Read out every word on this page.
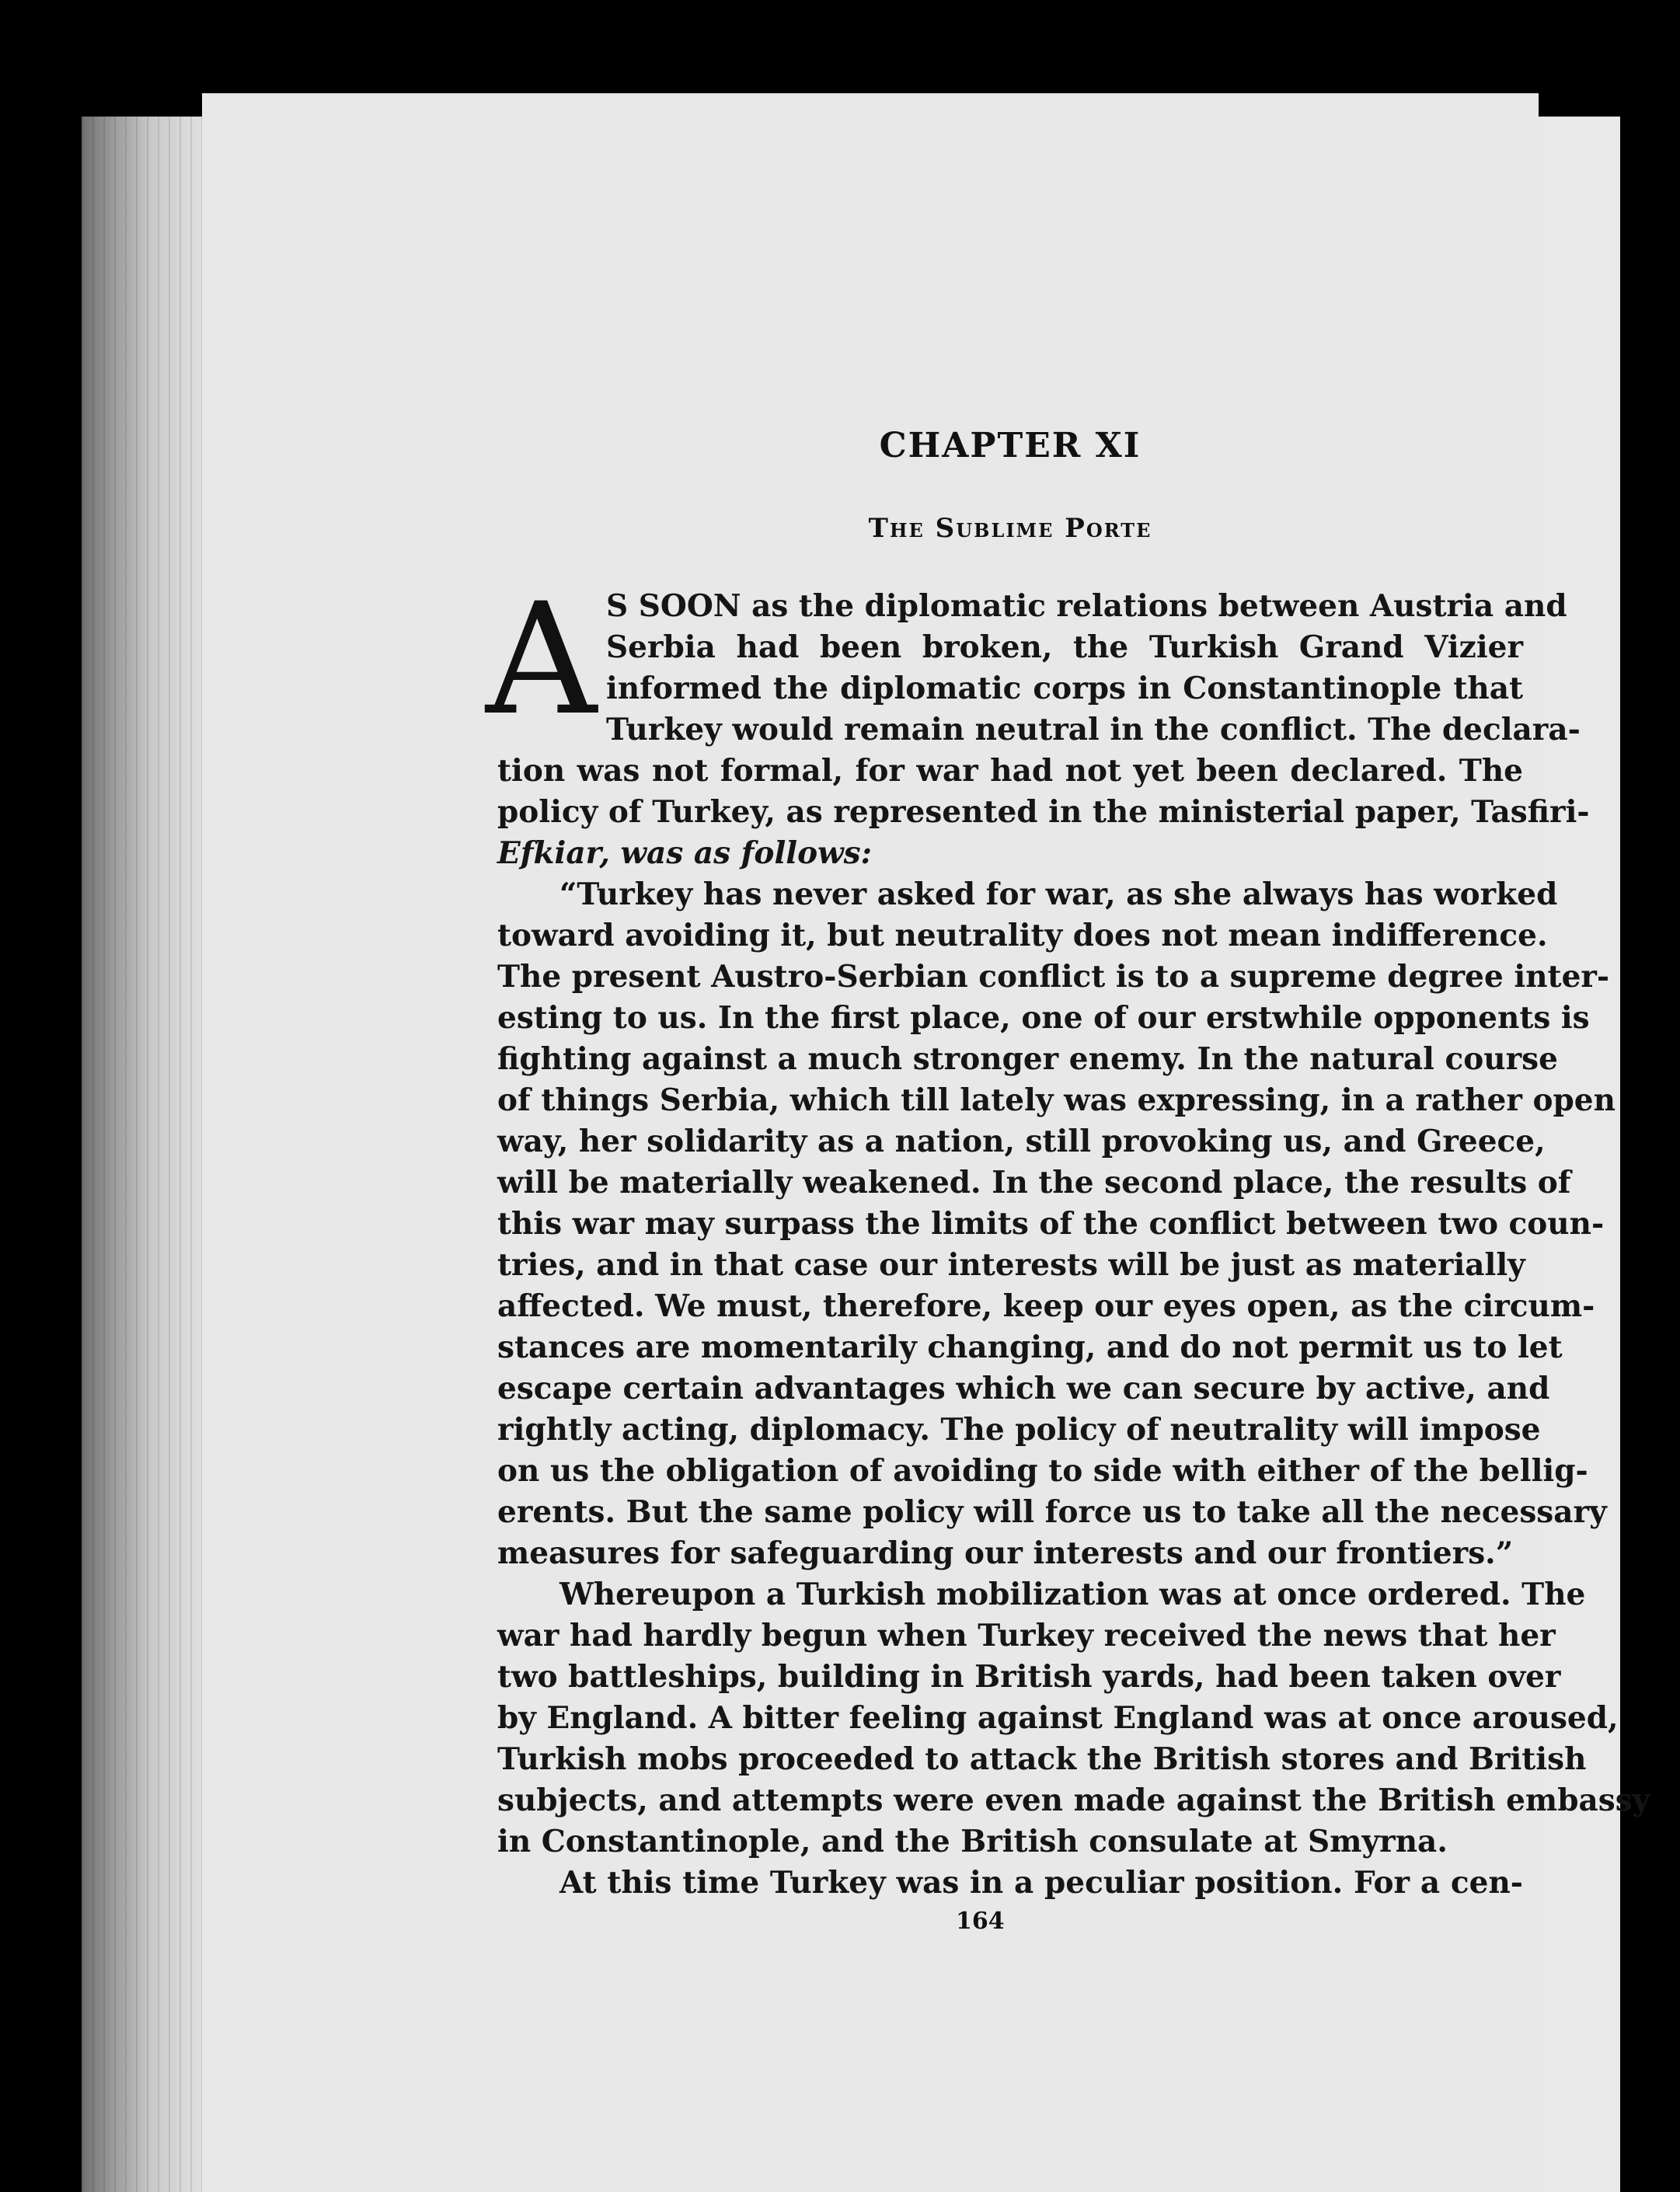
CHAPTER XI
The Sublime Porte
A S SOON as the diplomatic relations between Austria and
Serbia had been broken, the Turkish Grand Vizier
informed the diplomatic corps in Constantinople that
Turkey would remain neutral in the conflict. The declara-
tion was not formal, for war had not yet been declared. The
policy of Turkey, as represented in the ministerial paper, Tasfiri-
Efkiar, was as follows:
“Turkey has never asked for war, as she always has worked
toward avoiding it, but neutrality does not mean indifference.
The present Austro-Serbian conflict is to a supreme degree inter-
esting to us. In the first place, one of our erstwhile opponents is
fighting against a much stronger enemy. In the natural course
of things Serbia, which till lately was expressing, in a rather open
way, her solidarity as a nation, still provoking us, and Greece,
will be materially weakened. In the second place, the results of
this war may surpass the limits of the conflict between two coun-
tries, and in that case our interests will be just as materially
affected. We must, therefore, keep our eyes open, as the circum-
stances are momentarily changing, and do not permit us to let
escape certain advantages which we can secure by active, and
rightly acting, diplomacy. The policy of neutrality will impose
on us the obligation of avoiding to side with either of the bellig-
erents. But the same policy will force us to take all the necessary
measures for safeguarding our interests and our frontiers.”
Whereupon a Turkish mobilization was at once ordered. The
war had hardly begun when Turkey received the news that her
two battleships, building in British yards, had been taken over
by England. A bitter feeling against England was at once aroused,
Turkish mobs proceeded to attack the British stores and British
subjects, and attempts were even made against the British embassy
in Constantinople, and the British consulate at Smyrna.
At this time Turkey was in a peculiar position. For a cen-
164
